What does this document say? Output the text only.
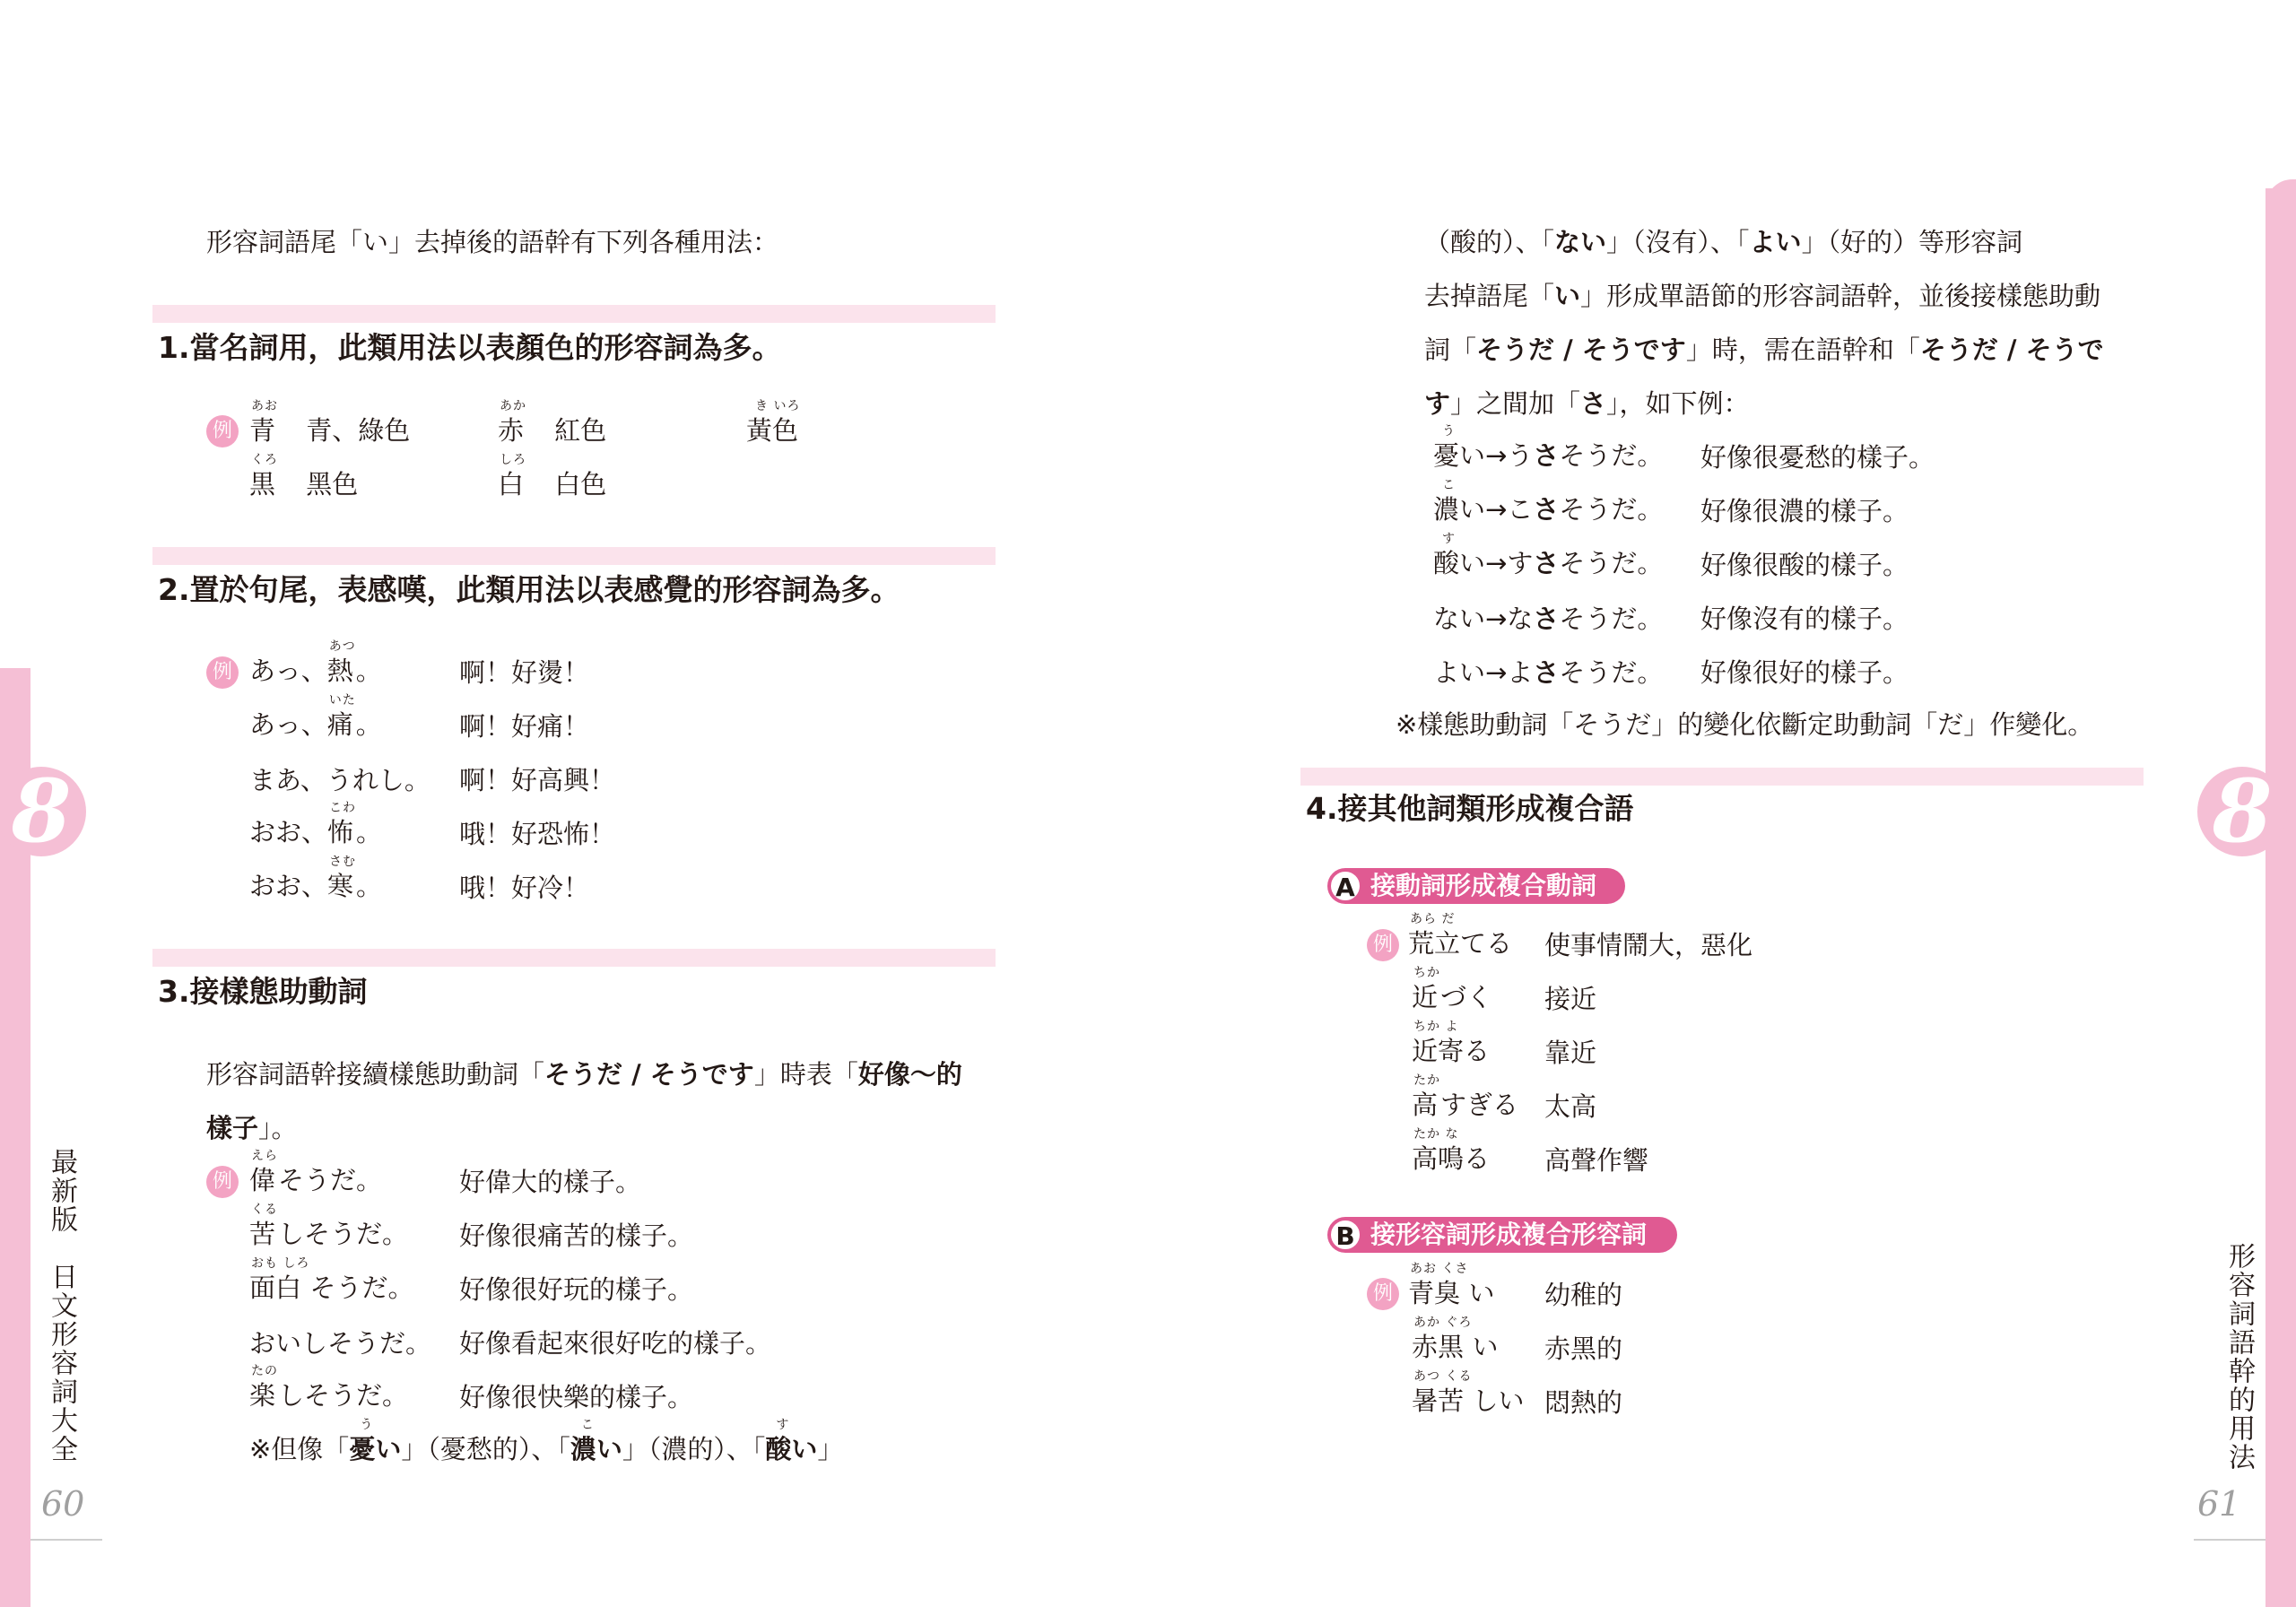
8
最新版　日文形容詞大全
60
形容詞語尾「い」去掉後的語幹有下列各種用法：
1.當名詞用，此類用法以表顏色的形容詞為多。
例
あお
青 青、綠色
あか
赤 紅色
き いろ
黃色
くろ
黒 黑色
しろ
白 白色
2.置於句尾，表感嘆，此類用法以表感覺的形容詞為多。
例 あっ、
あつ
熱 。	啊！好燙！
あっ、
いた
痛 。	啊！好痛！
まあ、うれし。 啊！好高興！
おお、
こわ
怖 。	哦！好恐怖！
おお、
さむ
寒 。	哦！好冷！
3.接樣態助動詞
形容詞語幹接續樣態助動詞「そうだ / そうです」時表「好像～的
樣子」。
例
えら
偉 そうだ。	好偉大的樣子。
くる
苦 しそうだ。 好像很痛苦的樣子。
おも しろ
面白 そうだ。 好像很好玩的樣子。
おいしそうだ。 好像看起來很好吃的樣子。
たの
楽 しそうだ。 好像很快樂的樣子。
※但像「
う
憂い」（憂愁的）、「
こ
濃い」（濃的）、「
す
酸い」
8
形容詞語幹的用法
61
（酸的）、「ない」（沒有）、「よい」（好的）等形容詞
去掉語尾「い」形成單語節的形容詞語幹，並後接樣態助動
詞「そうだ / そうです」時，需在語幹和「そうだ / そうで
す」之間加「さ」，如下例：
う
憂い→うさそうだ。 好像很憂愁的樣子。
こ
濃い→こさそうだ。 好像很濃的樣子。
す
酸い→すさそうだ。 好像很酸的樣子。
ない→なさそうだ。 好像沒有的樣子。
よい→よさそうだ。 好像很好的樣子。
※樣態助動詞「そうだ」的變化依斷定助動詞「だ」作變化。
4.接其他詞類形成複合語
A 接動詞形成複合動詞
例
あら だ
荒立てる 使事情鬧大，惡化
ちか
近 づく 接近
ちか よ
近寄る 靠近
たか
高 すぎる 太高
たか な
高鳴る 高聲作響
B 接形容詞形成複合形容詞
例
あお くさ
青臭 い 幼稚的
あか ぐろ
赤黒 い 赤黑的
あつ くる
暑苦 しい 悶熱的
